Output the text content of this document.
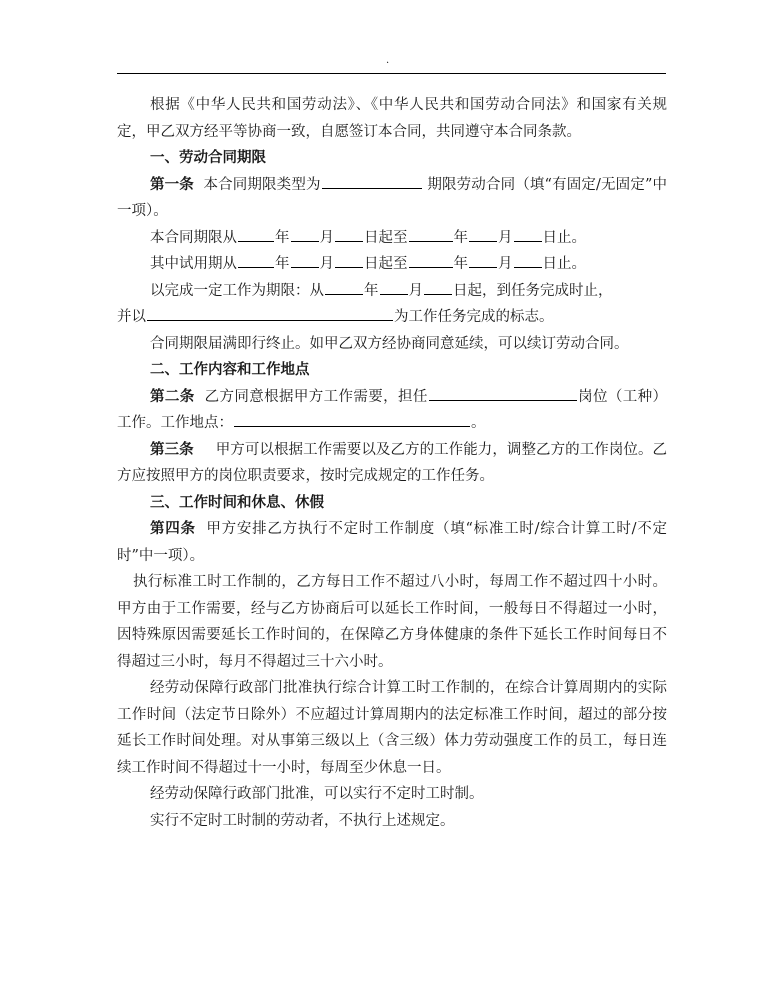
.

根据《中华人民共和国劳动法》、《中华人民共和国劳动合同法》和国家有关规定，甲乙双方经平等协商一致，自愿签订本合同，共同遵守本合同条款。

一、劳动合同期限

第一条 本合同期限类型为	期限劳动合同（填“有固定/无固定”中一项）。

本合同期限从	年 月 日起至	年 月 日止。

其中试用期从	年 月 日起至	年 月 日止。

以完成一定工作为期限：从	年 月 日起，到任务完成时止，
并以	为工作任务完成的标志。

合同期限届满即行终止。如甲乙双方经协商同意延续，可以续订劳动合同。

二、工作内容和工作地点

第二条 乙方同意根据甲方工作需要，担任	岗位（工种）工作。工作地点：	。

第三条 甲方可以根据工作需要以及乙方的工作能力，调整乙方的工作岗位。乙方应按照甲方的岗位职责要求，按时完成规定的工作任务。

三、工作时间和休息、休假

第四条 甲方安排乙方执行不定时工作制度（填“标准工时/综合计算工时/不定时”中一项）。

执行标准工时工作制的，乙方每日工作不超过八小时，每周工作不超过四十小时。甲方由于工作需要，经与乙方协商后可以延长工作时间，一般每日不得超过一小时，因特殊原因需要延长工作时间的，在保障乙方身体健康的条件下延长工作时间每日不得超过三小时，每月不得超过三十六小时。

经劳动保障行政部门批准执行综合计算工时工作制的，在综合计算周期内的实际工作时间（法定节日除外）不应超过计算周期内的法定标准工作时间，超过的部分按延长工作时间处理。对从事第三级以上（含三级）体力劳动强度工作的员工，每日连续工作时间不得超过十一小时，每周至少休息一日。

经劳动保障行政部门批准，可以实行不定时工时制。

实行不定时工时制的劳动者，不执行上述规定。
